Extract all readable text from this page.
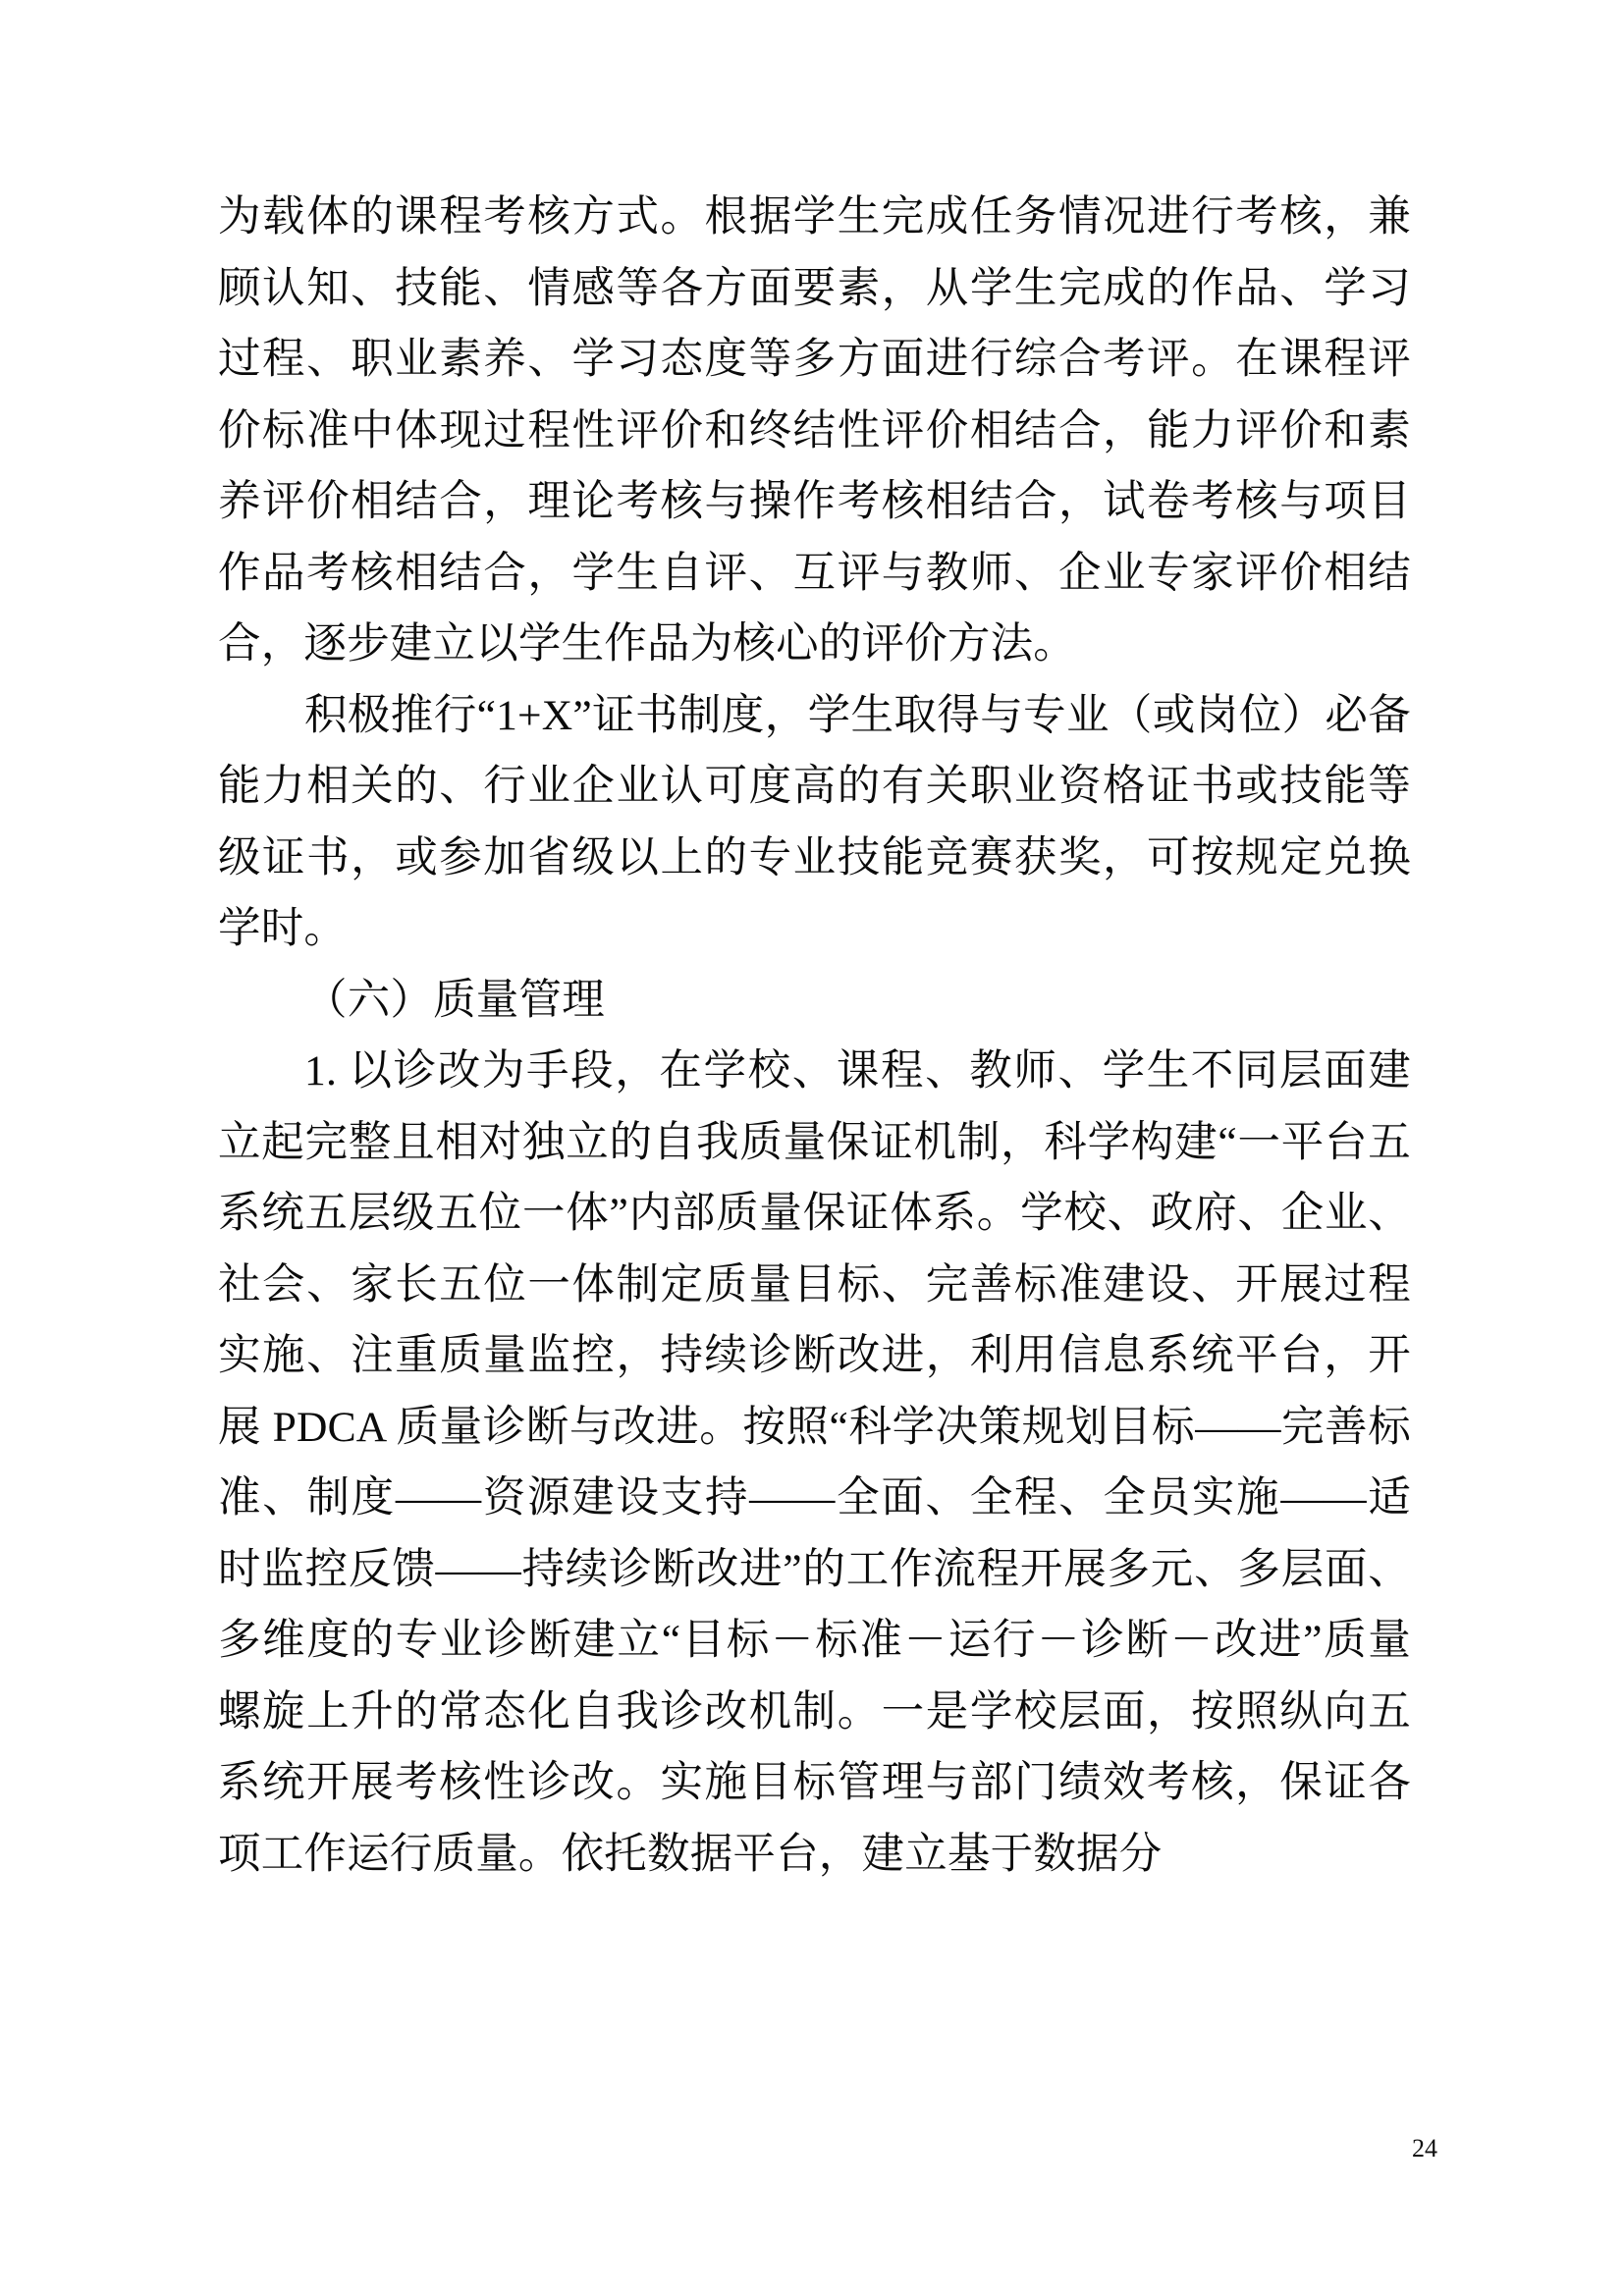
为载体的课程考核方式。根据学生完成任务情况进行考核，兼顾认知、技能、情感等各方面要素，从学生完成的作品、学习过程、职业素养、学习态度等多方面进行综合考评。在课程评价标准中体现过程性评价和终结性评价相结合，能力评价和素养评价相结合，理论考核与操作考核相结合，试卷考核与项目作品考核相结合，学生自评、互评与教师、企业专家评价相结合，逐步建立以学生作品为核心的评价方法。

积极推行“1+X”证书制度，学生取得与专业（或岗位）必备能力相关的、行业企业认可度高的有关职业资格证书或技能等级证书，或参加省级以上的专业技能竞赛获奖，可按规定兑换学时。

（六）质量管理

1. 以诊改为手段，在学校、课程、教师、学生不同层面建立起完整且相对独立的自我质量保证机制，科学构建“一平台五系统五层级五位一体”内部质量保证体系。学校、政府、企业、社会、家长五位一体制定质量目标、完善标准建设、开展过程实施、注重质量监控，持续诊断改进，利用信息系统平台，开展 PDCA 质量诊断与改进。按照“科学决策规划目标——完善标准、制度——资源建设支持——全面、全程、全员实施——适时监控反馈——持续诊断改进”的工作流程开展多元、多层面、多维度的专业诊断建立“目标－标准－运行－诊断－改进”质量螺旋上升的常态化自我诊改机制。一是学校层面，按照纵向五系统开展考核性诊改。实施目标管理与部门绩效考核，保证各项工作运行质量。依托数据平台，建立基于数据分

24
